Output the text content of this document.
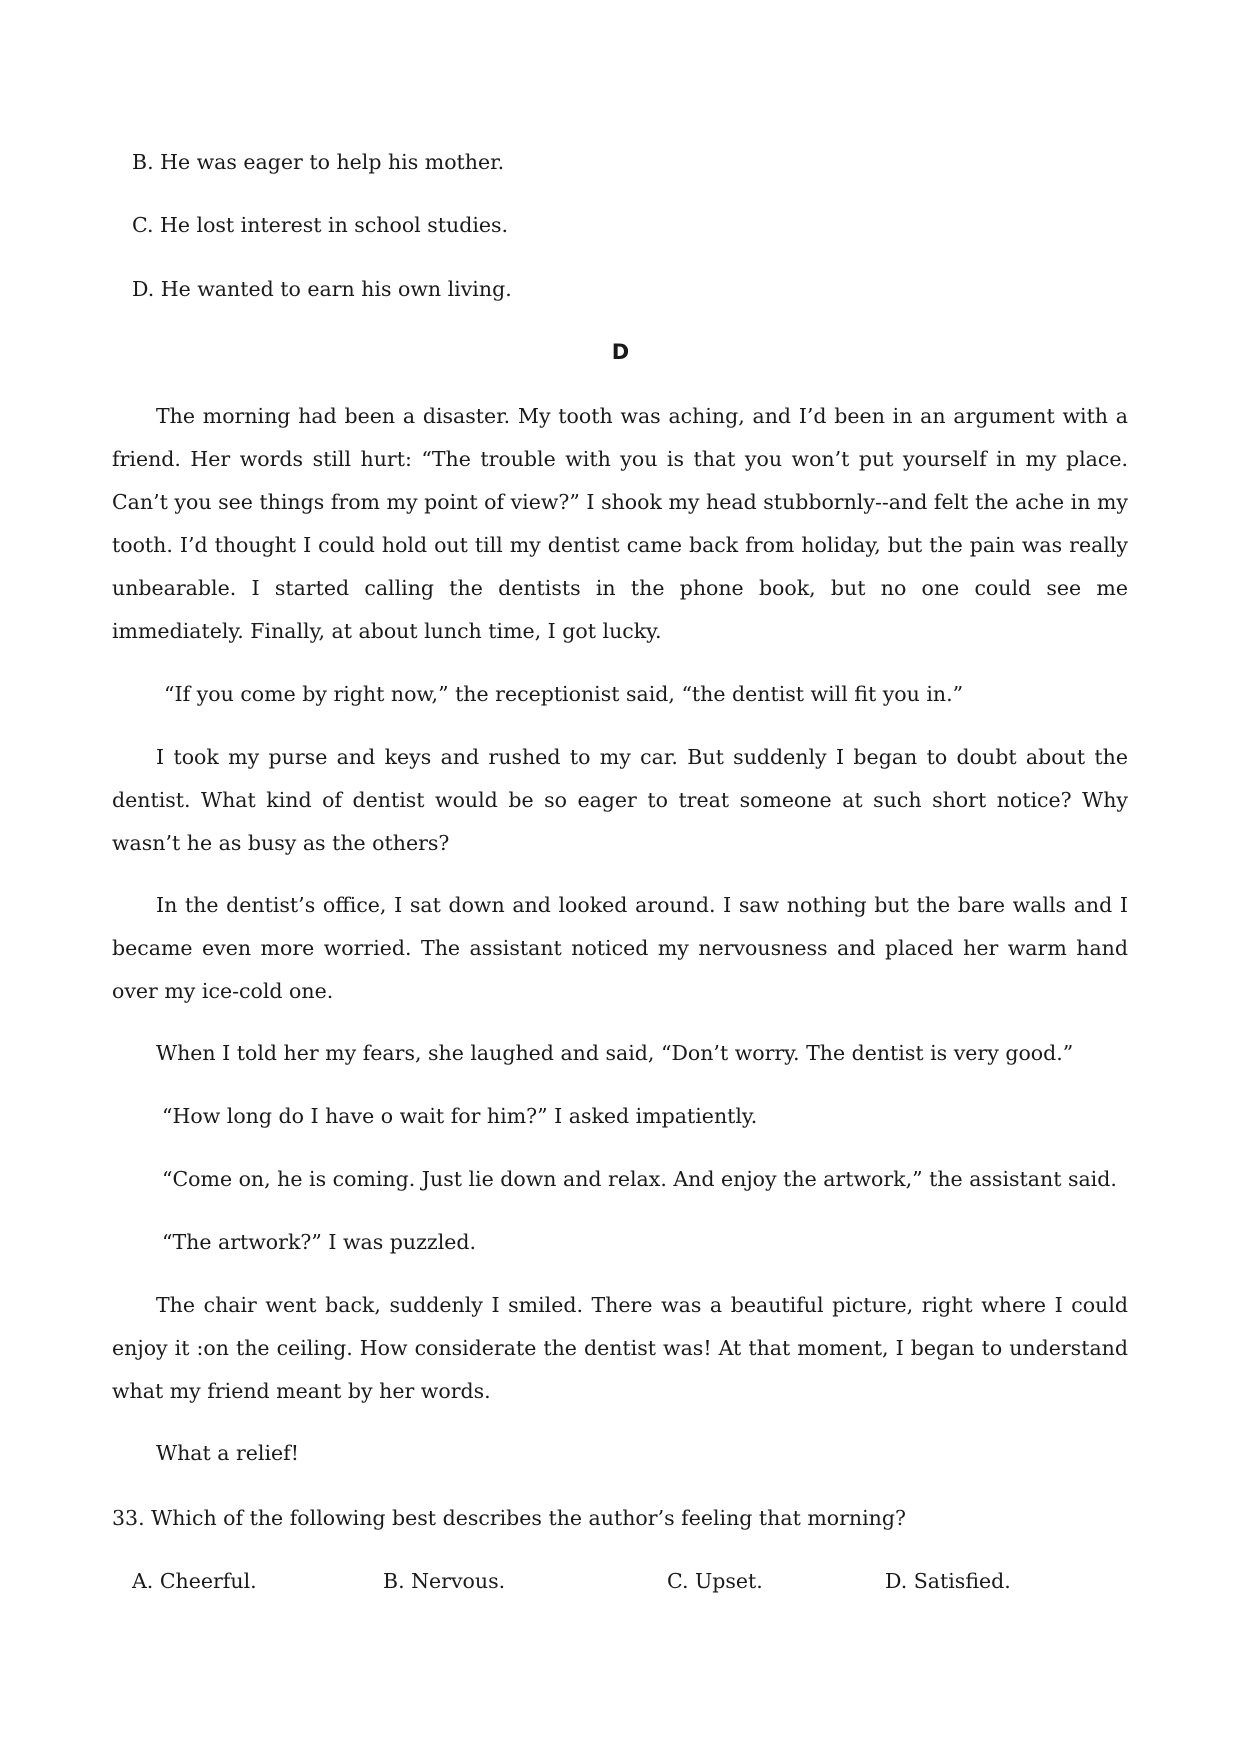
B. He was eager to help his mother.
C. He lost interest in school studies.
D. He wanted to earn his own living.
D
The morning had been a disaster. My tooth was aching, and I’d been in an argument with a friend. Her words still hurt: “The trouble with you is that you won’t put yourself in my place. Can’t you see things from my point of view?” I shook my head stubbornly--and felt the ache in my tooth. I’d thought I could hold out till my dentist came back from holiday, but the pain was really unbearable. I started calling the dentists in the phone book, but no one could see me immediately. Finally, at about lunch time, I got lucky.
“If you come by right now,” the receptionist said, “the dentist will fit you in.”
I took my purse and keys and rushed to my car. But suddenly I began to doubt about the dentist. What kind of dentist would be so eager to treat someone at such short notice? Why wasn’t he as busy as the others?
In the dentist’s office, I sat down and looked around. I saw nothing but the bare walls and I became even more worried. The assistant noticed my nervousness and placed her warm hand over my ice-cold one.
When I told her my fears, she laughed and said, “Don’t worry. The dentist is very good.”
“How long do I have o wait for him?” I asked impatiently.
“Come on, he is coming. Just lie down and relax. And enjoy the artwork,” the assistant said.
“The artwork?” I was puzzled.
The chair went back, suddenly I smiled. There was a beautiful picture, right where I could enjoy it :on the ceiling. How considerate the dentist was! At that moment, I began to understand what my friend meant by her words.
What a relief!
33. Which of the following best describes the author’s feeling that morning?
A. Cheerful.	B. Nervous.	C. Upset.	D. Satisfied.
